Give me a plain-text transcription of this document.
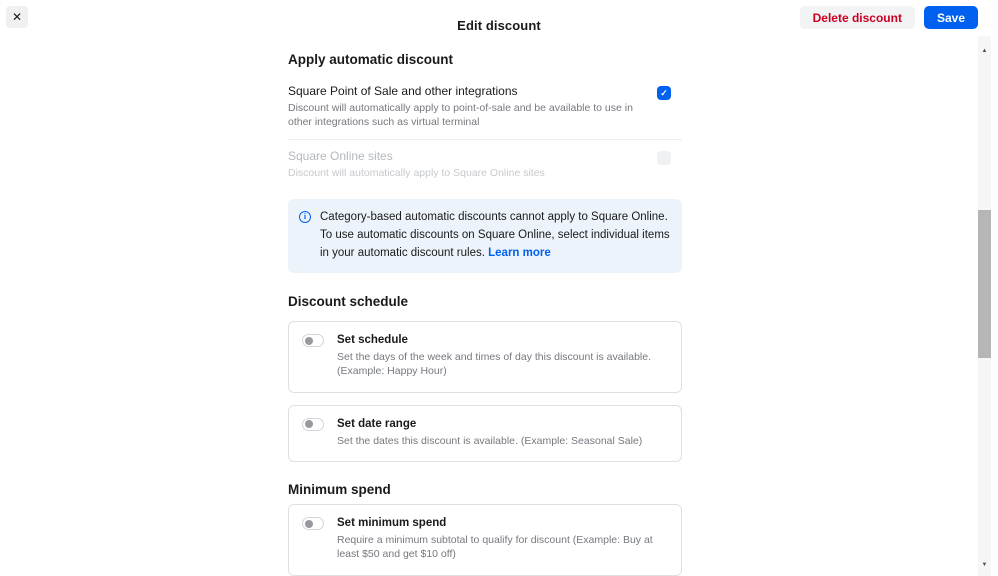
✕
Edit discount
Delete discount	Save
Apply automatic discount
Square Point of Sale and other integrations
Discount will automatically apply to point-of-sale and be available to use in other integrations such as virtual terminal
✓
Square Online sites
Discount will automatically apply to Square Online sites
i Category-based automatic discounts cannot apply to Square Online. To use automatic discounts on Square Online, select individual items in your automatic discount rules. Learn more
Discount schedule
Set schedule
Set the days of the week and times of day this discount is available. (Example: Happy Hour)
Set date range
Set the dates this discount is available. (Example: Seasonal Sale)
Minimum spend
Set minimum spend
Require a minimum subtotal to qualify for discount (Example: Buy at least $50 and get $10 off)
▲
▼
